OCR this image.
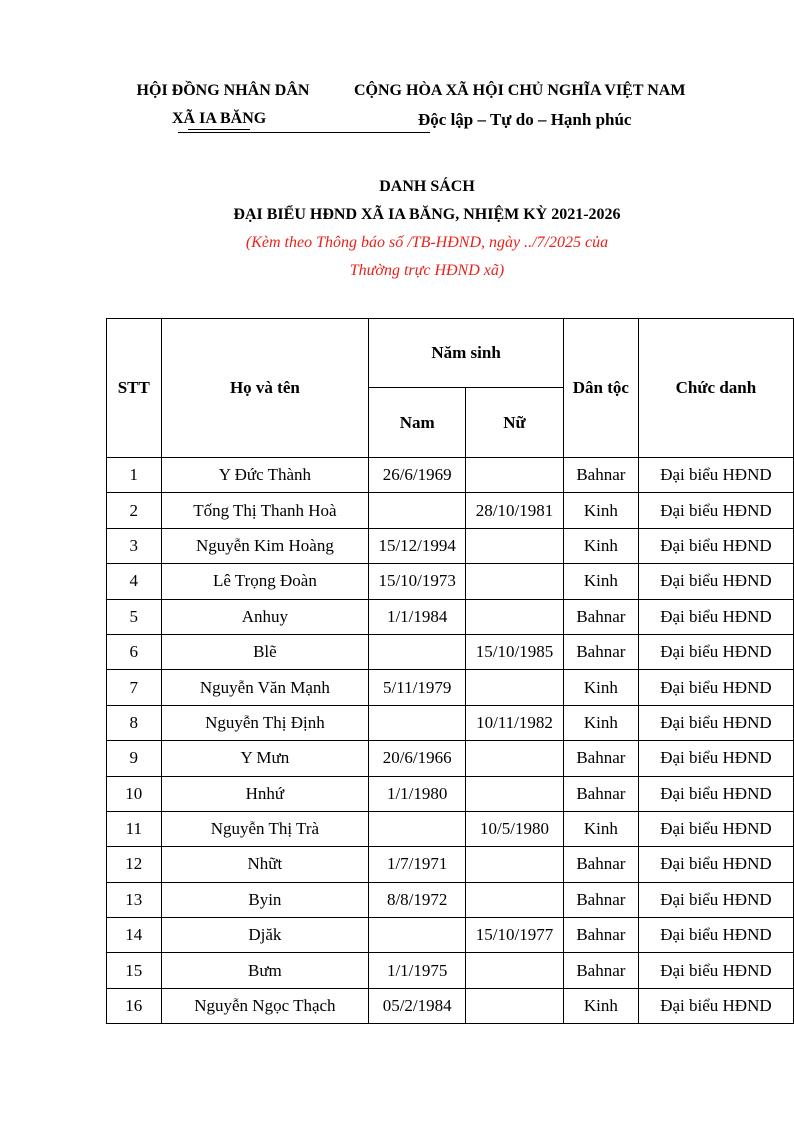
HỘI ĐỒNG NHÂN DÂN
XÃ IA BĂNG
CỘNG HÒA XÃ HỘI CHỦ NGHĨA VIỆT NAM
Độc lập – Tự do – Hạnh phúc
DANH SÁCH
ĐẠI BIỂU HĐND XÃ IA BĂNG, NHIỆM KỲ 2021-2026
(Kèm theo Thông báo số /TB-HĐND, ngày ../7/2025 của
Thường trực HĐND xã)
STT	Họ và tên	Năm sinh		Dân tộc	Chức danh
		Nam	Nữ		
1	Y Đức Thành	26/6/1969		Bahnar	Đại biểu HĐND
2	Tống Thị Thanh Hoà		28/10/1981	Kinh	Đại biểu HĐND
3	Nguyễn Kim Hoàng	15/12/1994		Kinh	Đại biểu HĐND
4	Lê Trọng Đoàn	15/10/1973		Kinh	Đại biểu HĐND
5	Anhuy	1/1/1984		Bahnar	Đại biểu HĐND
6	Blẽ		15/10/1985	Bahnar	Đại biểu HĐND
7	Nguyễn Văn Mạnh	5/11/1979		Kinh	Đại biểu HĐND
8	Nguyễn Thị Định		10/11/1982	Kinh	Đại biểu HĐND
9	Y Mưn	20/6/1966		Bahnar	Đại biểu HĐND
10	Hnhứ	1/1/1980		Bahnar	Đại biểu HĐND
11	Nguyễn Thị Trà		10/5/1980	Kinh	Đại biểu HĐND
12	Nhữt	1/7/1971		Bahnar	Đại biểu HĐND
13	Byin	8/8/1972		Bahnar	Đại biểu HĐND
14	Djăk		15/10/1977	Bahnar	Đại biểu HĐND
15	Bưm	1/1/1975		Bahnar	Đại biểu HĐND
16	Nguyễn Ngọc Thạch	05/2/1984		Kinh	Đại biểu HĐND
